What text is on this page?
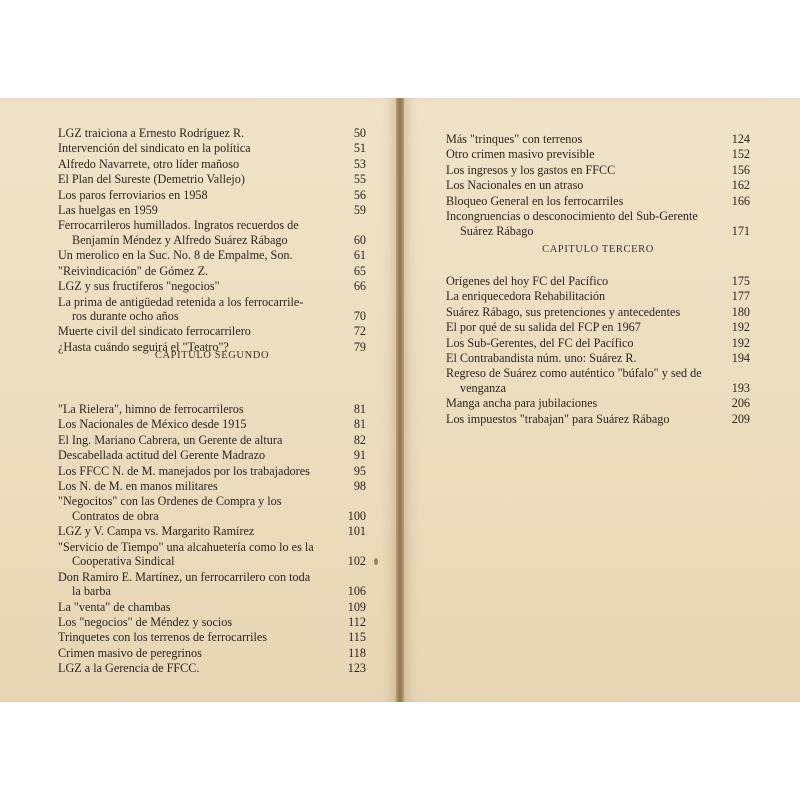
LGZ traiciona a Ernesto Rodríguez R.	50
Intervención del sindicato en la política	51
Alfredo Navarrete, otro líder mañoso	53
El Plan del Sureste (Demetrio Vallejo)	55
Los paros ferroviarios en 1958	56
Las huelgas en 1959	59
Ferrocarrileros humillados. Ingratos recuerdos de
Benjamín Méndez y Alfredo Suárez Rábago	60
Un merolico en la Suc. No. 8 de Empalme, Son.	61
"Reivindicación" de Gómez Z.	65
LGZ y sus fructíferos "negocios"	66
La prima de antigüedad retenida a los ferrocarrile-
ros durante ocho años	70
Muerte civil del sindicato ferrocarrilero	72
¿Hasta cuándo seguirá el "Teatro"?	79
CAPITULO SEGUNDO
"La Rielera", himno de ferrocarrileros	81
Los Nacionales de México desde 1915	81
El Ing. Mariano Cabrera, un Gerente de altura	82
Descabellada actitud del Gerente Madrazo	91
Los FFCC N. de M. manejados por los trabajadores	95
Los N. de M. en manos militares	98
"Negocitos" con las Ordenes de Compra y los
Contratos de obra	100
LGZ y V. Campa vs. Margarito Ramírez	101
"Servicio de Tiempo" una alcahuetería como lo es la
Cooperativa Sindical	102
Don Ramiro E. Martínez, un ferrocarrilero con toda
la barba	106
La "venta" de chambas	109
Los "negocios" de Méndez y socios	112
Trinquetes con los terrenos de ferrocarriles	115
Crimen masivo de peregrinos	118
LGZ a la Gerencia de FFCC.	123
Más "trinques" con terrenos	124
Otro crimen masivo previsible	152
Los ingresos y los gastos en FFCC	156
Los Nacionales en un atraso	162
Bloqueo General en los ferrocarriles	166
Incongruencias o desconocimiento del Sub-Gerente
Suárez Rábago	171
CAPITULO TERCERO
Orígenes del hoy FC del Pacífico	175
La enriquecedora Rehabilitación	177
Suárez Rábago, sus pretenciones y antecedentes	180
El por qué de su salida del FCP en 1967	192
Los Sub-Gerentes, del FC del Pacífico	192
El Contrabandista núm. uno: Suárez R.	194
Regreso de Suárez como auténtico "búfalo" y sed de
venganza	193
Manga ancha para jubilaciones	206
Los impuestos "trabajan" para Suárez Rábago	209
